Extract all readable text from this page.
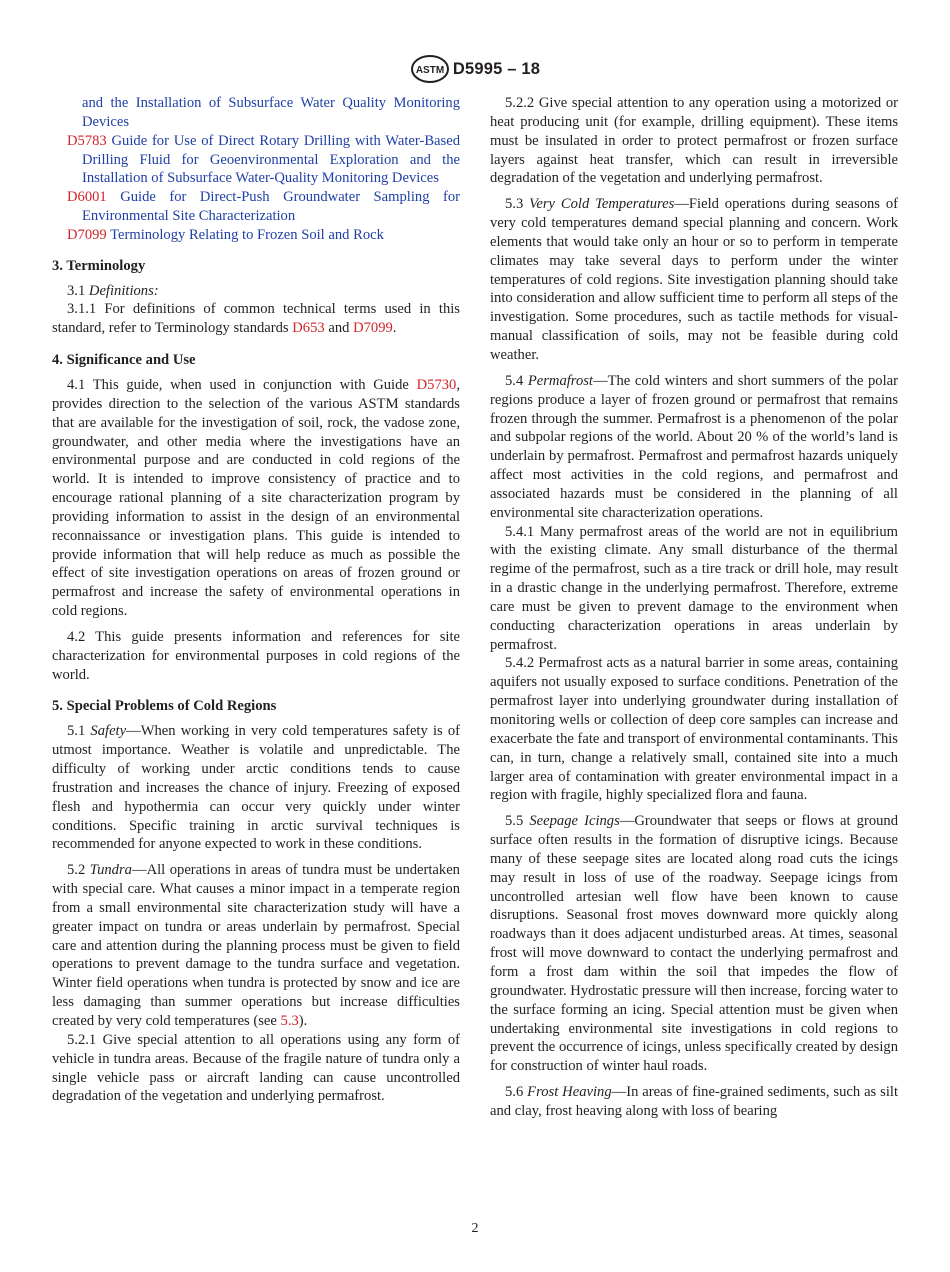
ASTM D5995 – 18

and the Installation of Subsurface Water Quality Monitoring Devices

D5783 Guide for Use of Direct Rotary Drilling with Water-Based Drilling Fluid for Geoenvironmental Exploration and the Installation of Subsurface Water-Quality Monitoring Devices

D6001 Guide for Direct-Push Groundwater Sampling for Environmental Site Characterization

D7099 Terminology Relating to Frozen Soil and Rock

3. Terminology

3.1 Definitions:

3.1.1 For definitions of common technical terms used in this standard, refer to Terminology standards D653 and D7099.

4. Significance and Use

4.1 This guide, when used in conjunction with Guide D5730, provides direction to the selection of the various ASTM standards that are available for the investigation of soil, rock, the vadose zone, groundwater, and other media where the investigations have an environmental purpose and are conducted in cold regions of the world. It is intended to improve consistency of practice and to encourage rational planning of a site characterization program by providing information to assist in the design of an environmental reconnaissance or investigation plans. This guide is intended to provide information that will help reduce as much as possible the effect of site investigation operations on areas of frozen ground or permafrost and increase the safety of environmental operations in cold regions.

4.2 This guide presents information and references for site characterization for environmental purposes in cold regions of the world.

5. Special Problems of Cold Regions

5.1 Safety—When working in very cold temperatures safety is of utmost importance. Weather is volatile and unpredictable. The difficulty of working under arctic conditions tends to cause frustration and increases the chance of injury. Freezing of exposed flesh and hypothermia can occur very quickly under winter conditions. Specific training in arctic survival techniques is recommended for anyone expected to work in these conditions.

5.2 Tundra—All operations in areas of tundra must be undertaken with special care. What causes a minor impact in a temperate region from a small environmental site characterization study will have a greater impact on tundra or areas underlain by permafrost. Special care and attention during the planning process must be given to field operations to prevent damage to the tundra surface and vegetation. Winter field operations when tundra is protected by snow and ice are less damaging than summer operations but increase difficulties created by very cold temperatures (see 5.3).

5.2.1 Give special attention to all operations using any form of vehicle in tundra areas. Because of the fragile nature of tundra only a single vehicle pass or aircraft landing can cause uncontrolled degradation of the vegetation and underlying permafrost.

5.2.2 Give special attention to any operation using a motorized or heat producing unit (for example, drilling equipment). These items must be insulated in order to protect permafrost or frozen surface layers against heat transfer, which can result in irreversible degradation of the vegetation and underlying permafrost.

5.3 Very Cold Temperatures—Field operations during seasons of very cold temperatures demand special planning and concern. Work elements that would take only an hour or so to perform in temperate climates may take several days to perform under the winter temperatures of cold regions. Site investigation planning should take into consideration and allow sufficient time to perform all steps of the investigation. Some procedures, such as tactile methods for visual-manual classification of soils, may not be feasible during cold weather.

5.4 Permafrost—The cold winters and short summers of the polar regions produce a layer of frozen ground or permafrost that remains frozen through the summer. Permafrost is a phenomenon of the polar and subpolar regions of the world. About 20 % of the world’s land is underlain by permafrost. Permafrost and permafrost hazards uniquely affect most activities in the cold regions, and permafrost and associated hazards must be considered in the planning of all environmental site characterization operations.

5.4.1 Many permafrost areas of the world are not in equilibrium with the existing climate. Any small disturbance of the thermal regime of the permafrost, such as a tire track or drill hole, may result in a drastic change in the underlying permafrost. Therefore, extreme care must be given to prevent damage to the environment when conducting characterization operations in areas underlain by permafrost.

5.4.2 Permafrost acts as a natural barrier in some areas, containing aquifers not usually exposed to surface conditions. Penetration of the permafrost layer into underlying groundwater during installation of monitoring wells or collection of deep core samples can increase and exacerbate the fate and transport of environmental contaminants. This can, in turn, change a relatively small, contained site into a much larger area of contamination with greater environmental impact in a region with fragile, highly specialized flora and fauna.

5.5 Seepage Icings—Groundwater that seeps or flows at ground surface often results in the formation of disruptive icings. Because many of these seepage sites are located along road cuts the icings may result in loss of use of the roadway. Seepage icings from uncontrolled artesian well flow have been known to cause disruptions. Seasonal frost moves downward more quickly along roadways than it does adjacent undisturbed areas. At times, seasonal frost will move downward to contact the underlying permafrost and form a frost dam within the soil that impedes the flow of groundwater. Hydrostatic pressure will then increase, forcing water to the surface forming an icing. Special attention must be given when undertaking environmental site investigations in cold regions to prevent the occurrence of icings, unless specifically created by design for construction of winter haul roads.

5.6 Frost Heaving—In areas of fine-grained sediments, such as silt and clay, frost heaving along with loss of bearing

2
